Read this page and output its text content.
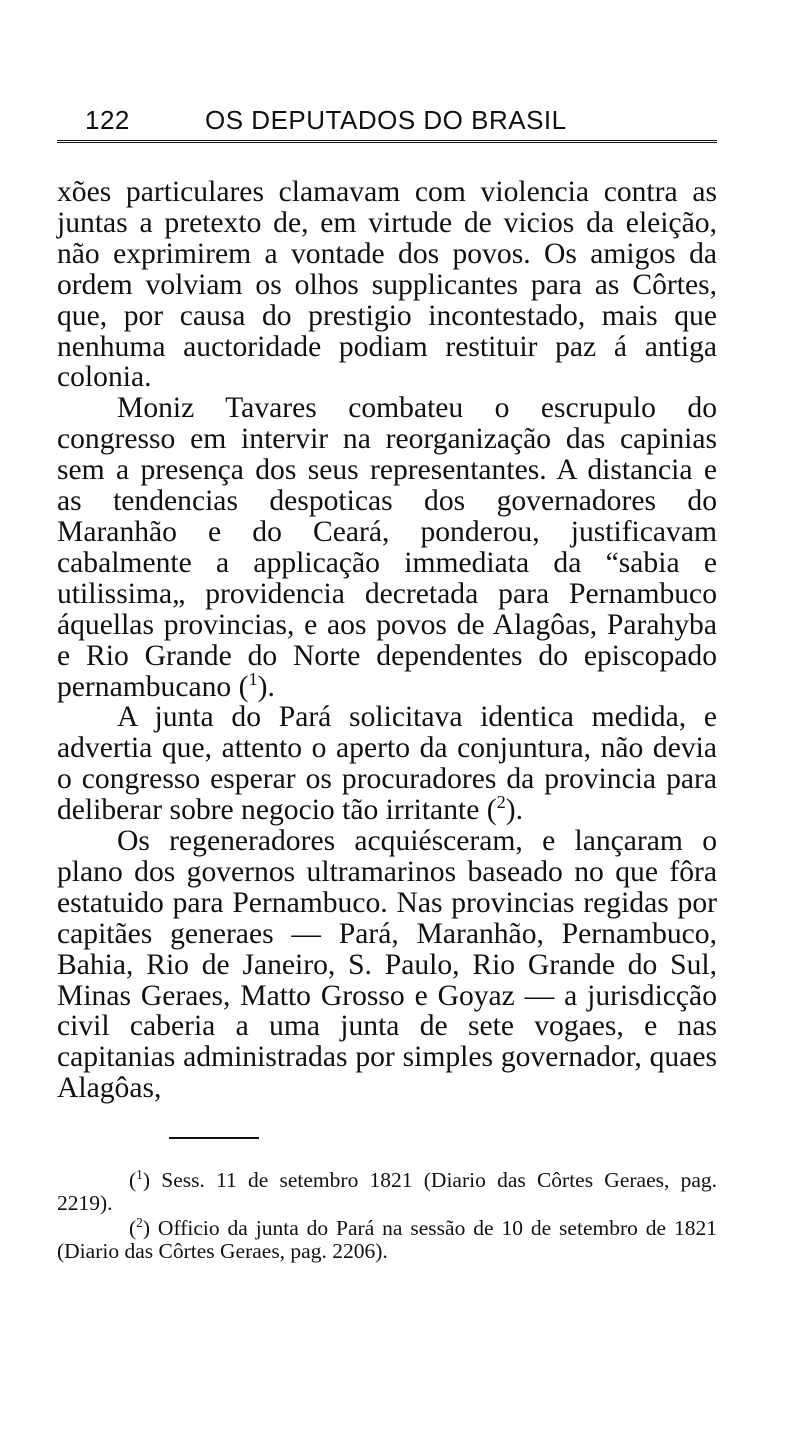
122	OS DEPUTADOS DO BRASIL

xões particulares clamavam com violencia contra as juntas a pretexto de, em virtude de vicios da eleição, não exprimirem a vontade dos povos. Os amigos da ordem volviam os olhos supplicantes para as Côrtes, que, por causa do prestigio incontestado, mais que nenhuma auctoridade podiam restituir paz á antiga colonia.

Moniz Tavares combateu o escrupulo do congresso em intervir na reorganização das capinias sem a presença dos seus representantes. A distancia e as tendencias despoticas dos governadores do Maranhão e do Ceará, ponderou, justificavam cabalmente a applicação immediata da “sabia e utilissima„ providencia decretada para Pernambuco áquellas provincias, e aos povos de Alagôas, Parahyba e Rio Grande do Norte dependentes do episcopado pernambucano ($^1$).

A junta do Pará solicitava identica medida, e advertia que, attento o aperto da conjuntura, não devia o congresso esperar os procuradores da provincia para deliberar sobre negocio tão irritante ($^2$).

Os regeneradores acquiésceram, e lançaram o plano dos governos ultramarinos baseado no que fôra estatuido para Pernambuco. Nas provincias regidas por capitães generaes — Pará, Maranhão, Pernambuco, Bahia, Rio de Janeiro, S. Paulo, Rio Grande do Sul, Minas Geraes, Matto Grosso e Goyaz — a jurisdicção civil caberia a uma junta de sete vogaes, e nas capitanias administradas por simples governador, quaes Alagôas,

($^1$) Sess. 11 de setembro 1821 (Diario das Côrtes Geraes, pag. 2219).

($^2$) Officio da junta do Pará na sessão de 10 de setembro de 1821 (Diario das Côrtes Geraes, pag. 2206).
